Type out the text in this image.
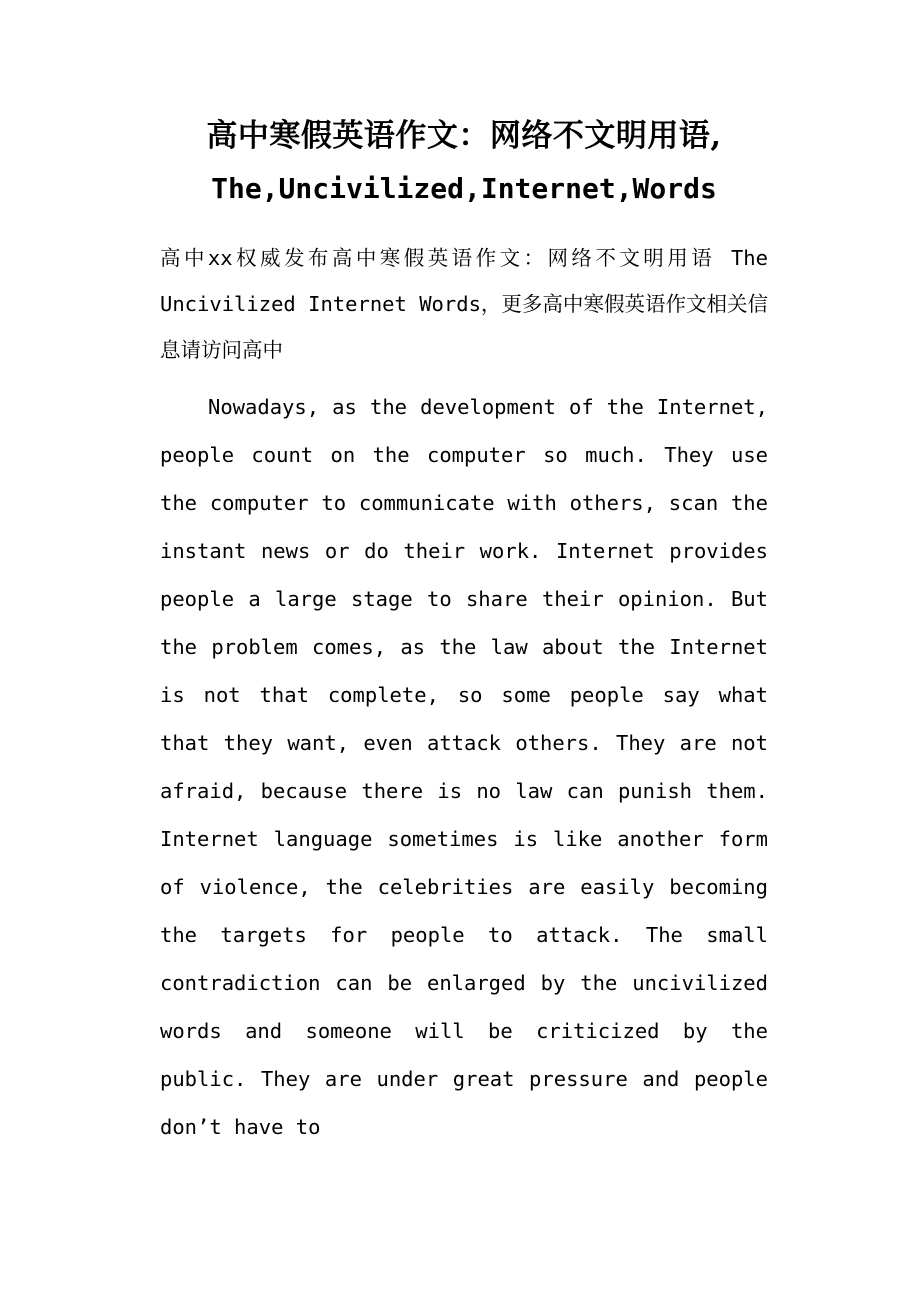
高中寒假英语作文：网络不文明用语,
The,Uncivilized,Internet,Words

高中xx权威发布高中寒假英语作文：网络不文明用语 The Uncivilized Internet Words，更多高中寒假英语作文相关信息请访问高中

Nowadays, as the development of the Internet, people count on the computer so much. They use the computer to communicate with others, scan the instant news or do their work. Internet provides people a large stage to share their opinion. But the problem comes, as the law about the Internet is not that complete, so some people say what that they want, even attack others. They are not afraid, because there is no law can punish them. Internet language sometimes is like another form of violence, the celebrities are easily becoming the targets for people to attack. The small contradiction can be enlarged by the uncivilized words and someone will be criticized by the public. They are under great pressure and people don’t have to
